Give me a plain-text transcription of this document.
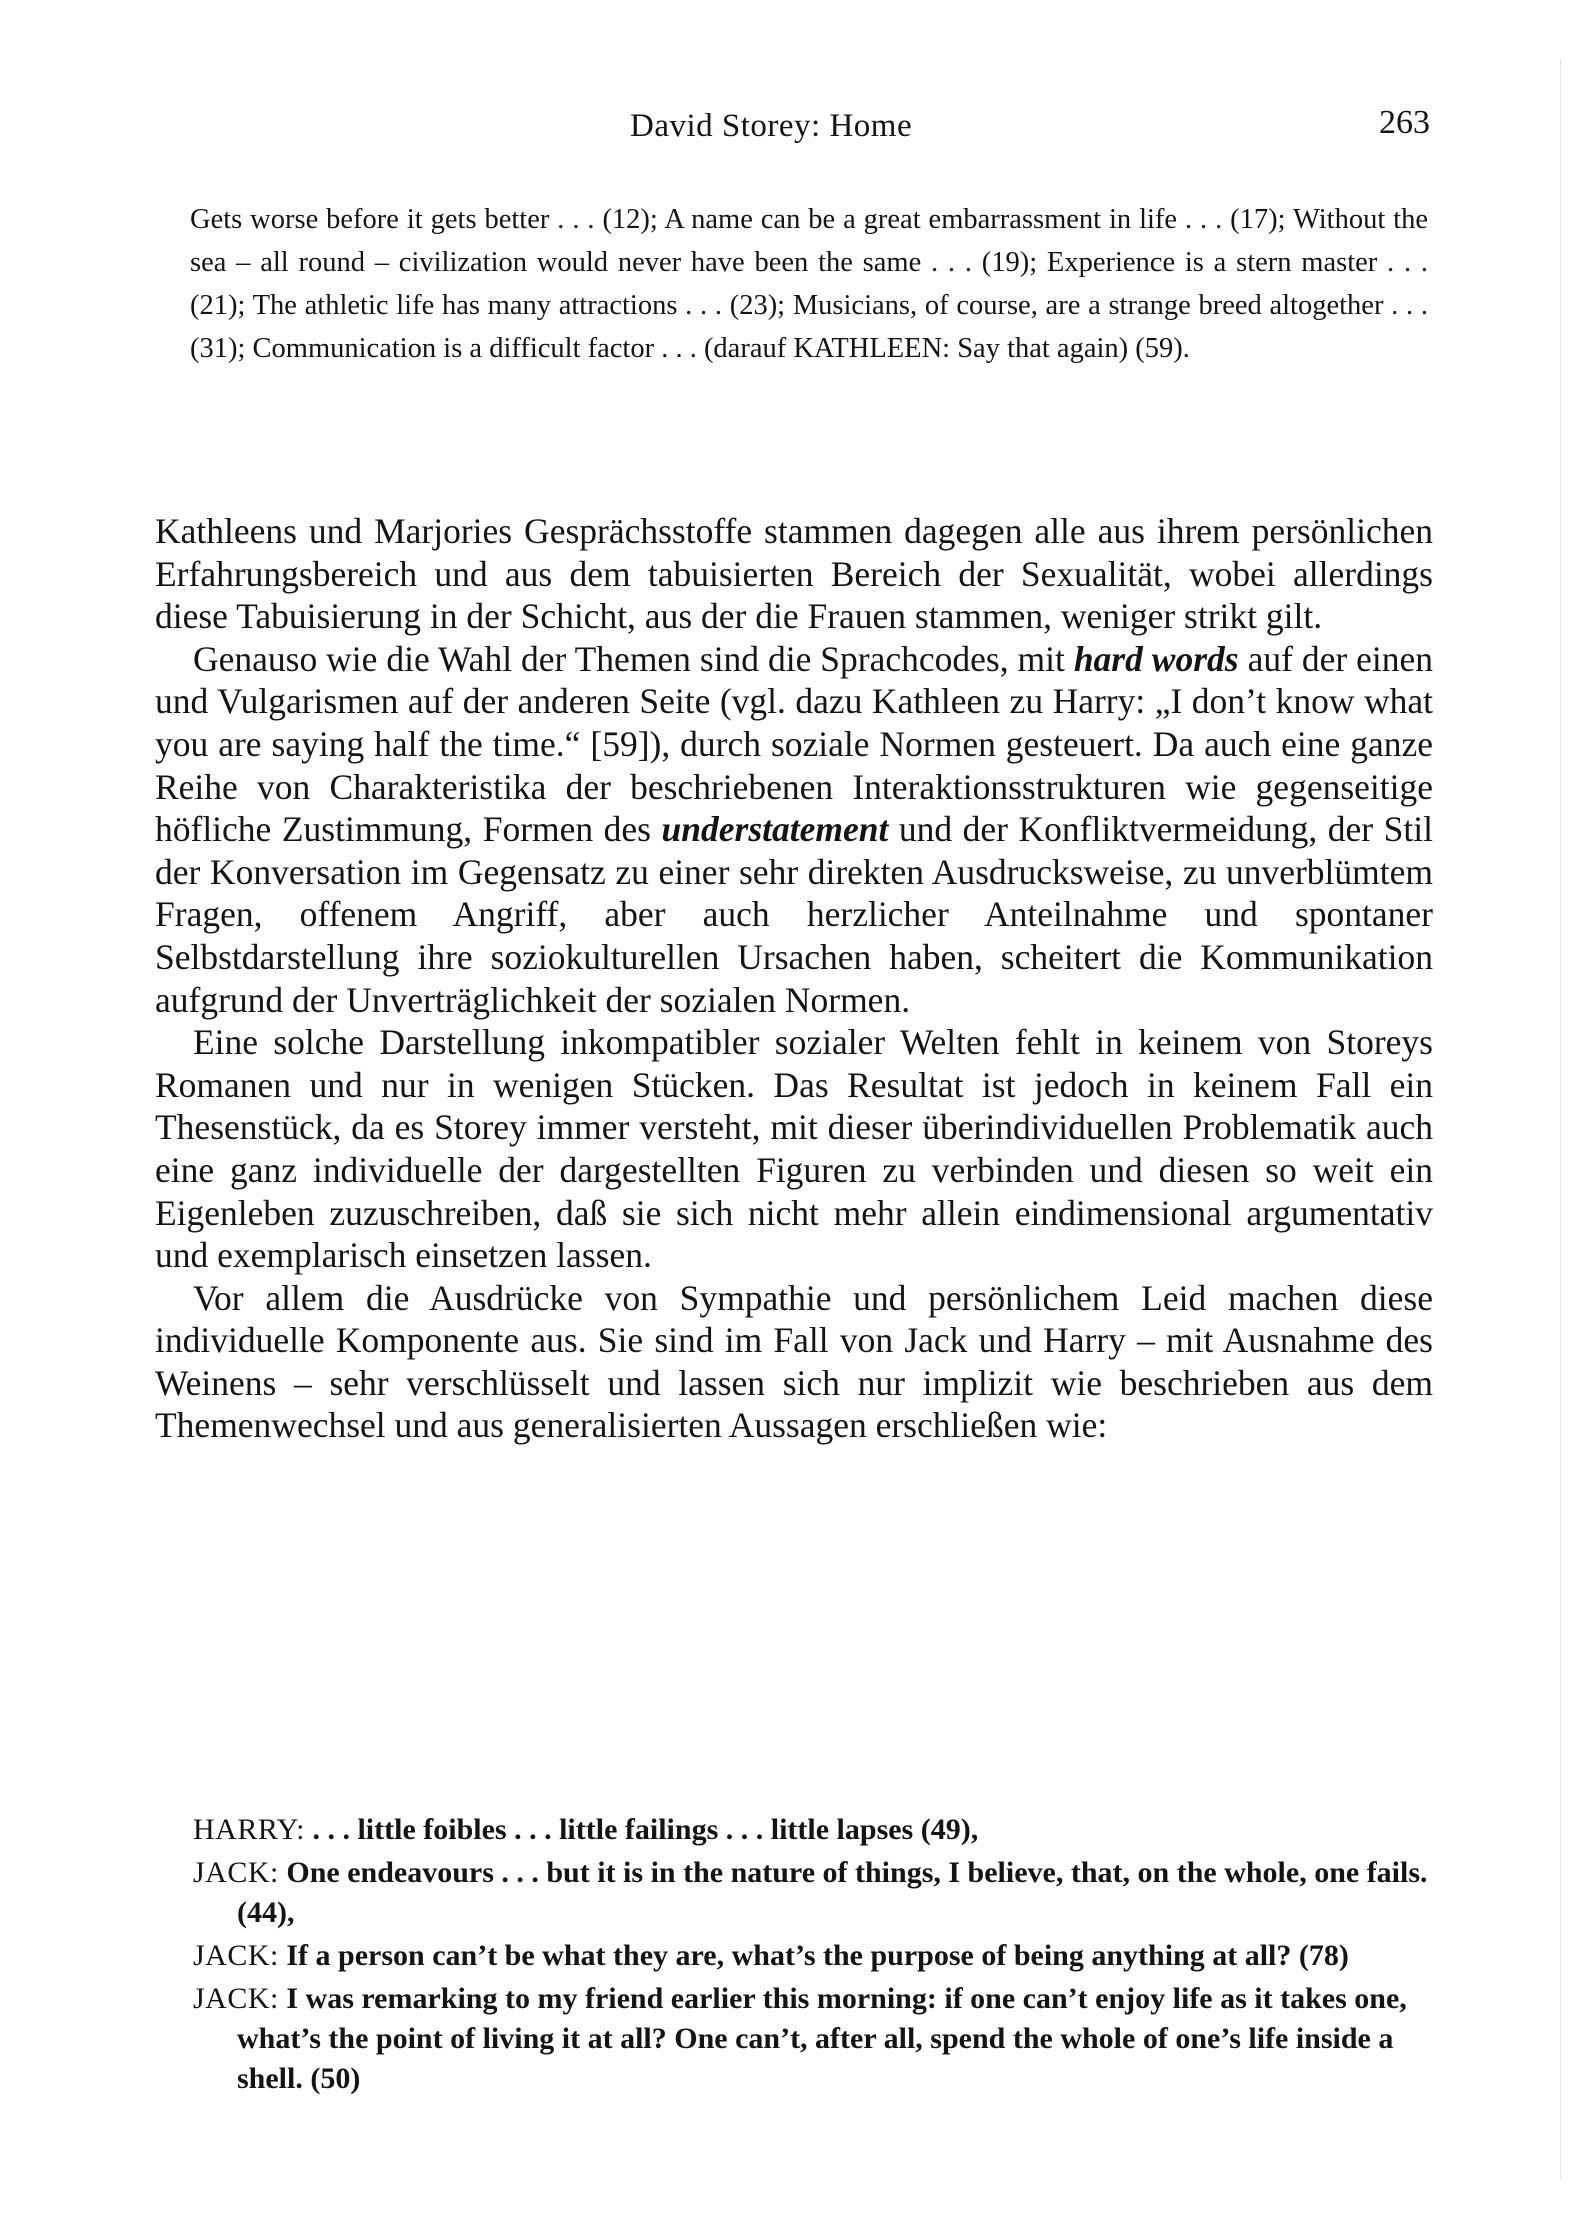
David Storey: Home	263
Gets worse before it gets better . . . (12); A name can be a great embarrassment in life . . . (17); Without the sea – all round – civilization would never have been the same . . . (19); Experience is a stern master . . . (21); The athletic life has many attractions . . . (23); Musicians, of course, are a strange breed altogether . . . (31); Communication is a difficult factor . . . (darauf KATHLEEN: Say that again) (59).

Kathleens und Marjories Gesprächsstoffe stammen dagegen alle aus ihrem persönlichen Erfahrungsbereich und aus dem tabuisierten Bereich der Sexualität, wobei allerdings diese Tabuisierung in der Schicht, aus der die Frauen stammen, weniger strikt gilt.

Genauso wie die Wahl der Themen sind die Sprachcodes, mit hard words auf der einen und Vulgarismen auf der anderen Seite (vgl. dazu Kathleen zu Harry: „I don’t know what you are saying half the time.“ [59]), durch soziale Normen gesteuert. Da auch eine ganze Reihe von Charakteristika der beschriebenen Interaktionsstrukturen wie gegenseitige höfliche Zustimmung, Formen des understatement und der Konfliktvermeidung, der Stil der Konversation im Gegensatz zu einer sehr direkten Ausdrucksweise, zu unverblümtem Fragen, offenem Angriff, aber auch herzlicher Anteilnahme und spontaner Selbstdarstellung ihre soziokulturellen Ursachen haben, scheitert die Kommunikation aufgrund der Unverträglichkeit der sozialen Normen.

Eine solche Darstellung inkompatibler sozialer Welten fehlt in keinem von Storeys Romanen und nur in wenigen Stücken. Das Resultat ist jedoch in keinem Fall ein Thesenstück, da es Storey immer versteht, mit dieser überindividuellen Problematik auch eine ganz individuelle der dargestellten Figuren zu verbinden und diesen so weit ein Eigenleben zuzuschreiben, daß sie sich nicht mehr allein eindimensional argumentativ und exemplarisch einsetzen lassen.

Vor allem die Ausdrücke von Sympathie und persönlichem Leid machen diese individuelle Komponente aus. Sie sind im Fall von Jack und Harry – mit Ausnahme des Weinens – sehr verschlüsselt und lassen sich nur implizit wie beschrieben aus dem Themenwechsel und aus generalisierten Aussagen erschließen wie:

HARRY: . . . little foibles . . . little failings . . . little lapses (49),
JACK: One endeavours . . . but it is in the nature of things, I believe, that, on the whole, one fails. (44),
JACK: If a person can’t be what they are, what’s the purpose of being anything at all? (78)
JACK: I was remarking to my friend earlier this morning: if one can’t enjoy life as it takes one, what’s the point of living it at all? One can’t, after all, spend the whole of one’s life inside a shell. (50)
